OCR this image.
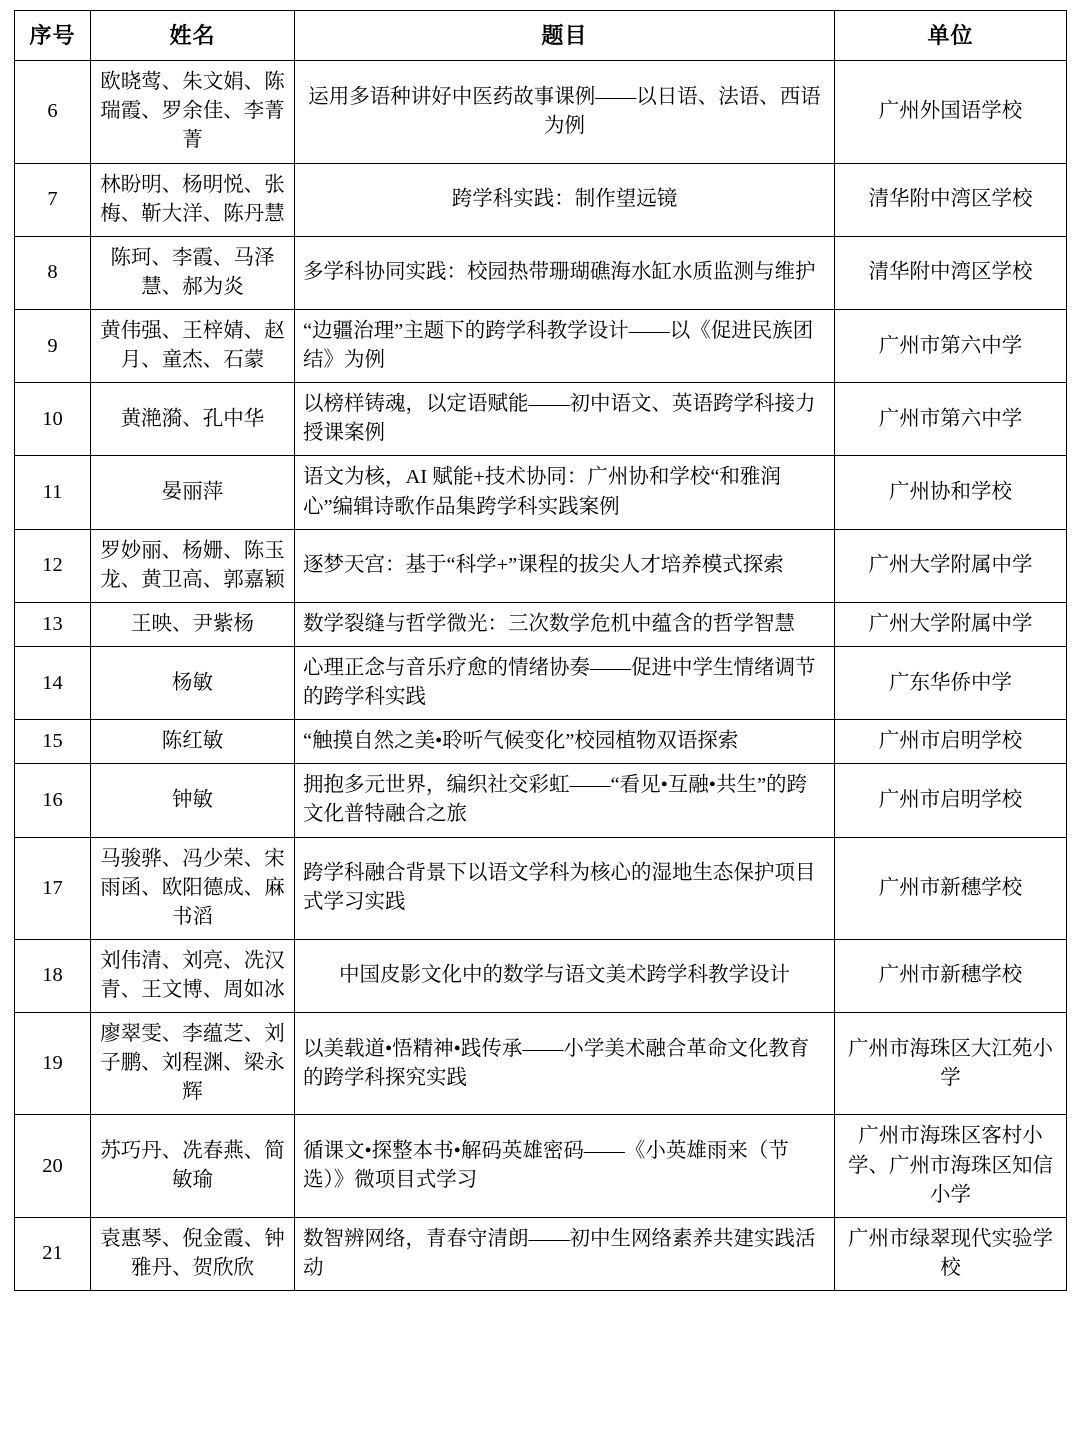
序号	姓名	题目	单位
6	欧晓莺、朱文娟、陈瑞霞、罗余佳、李菁菁	运用多语种讲好中医药故事课例——以日语、法语、西语为例	广州外国语学校
7	林盼明、杨明悦、张梅、靳大洋、陈丹慧	跨学科实践：制作望远镜	清华附中湾区学校
8	陈珂、李霞、马泽慧、郝为炎	多学科协同实践：校园热带珊瑚礁海水缸水质监测与维护	清华附中湾区学校
9	黄伟强、王梓婧、赵月、童杰、石蒙	“边疆治理”主题下的跨学科教学设计——以《促进民族团结》为例	广州市第六中学
10	黄滟漪、孔中华	以榜样铸魂，以定语赋能——初中语文、英语跨学科接力授课案例	广州市第六中学
11	晏丽萍	语文为核，AI 赋能+技术协同：广州协和学校“和雅润心”编辑诗歌作品集跨学科实践案例	广州协和学校
12	罗妙丽、杨姗、陈玉龙、黄卫高、郭嘉颖	逐梦天宫：基于“科学+”课程的拔尖人才培养模式探索	广州大学附属中学
13	王映、尹紫杨	数学裂缝与哲学微光：三次数学危机中蕴含的哲学智慧	广州大学附属中学
14	杨敏	心理正念与音乐疗愈的情绪协奏——促进中学生情绪调节的跨学科实践	广东华侨中学
15	陈红敏	“触摸自然之美•聆听气候变化”校园植物双语探索	广州市启明学校
16	钟敏	拥抱多元世界，编织社交彩虹——“看见•互融•共生”的跨文化普特融合之旅	广州市启明学校
17	马骏骅、冯少荣、宋雨函、欧阳德成、麻书滔	跨学科融合背景下以语文学科为核心的湿地生态保护项目式学习实践	广州市新穗学校
18	刘伟清、刘亮、冼汉青、王文博、周如冰	中国皮影文化中的数学与语文美术跨学科教学设计	广州市新穗学校
19	廖翠雯、李蕴芝、刘子鹏、刘程渊、梁永辉	以美载道•悟精神•践传承——小学美术融合革命文化教育的跨学科探究实践	广州市海珠区大江苑小学
20	苏巧丹、冼春燕、简敏瑜	循课文•探整本书•解码英雄密码——《小英雄雨来（节选）》微项目式学习	广州市海珠区客村小学、广州市海珠区知信小学
21	袁惠琴、倪金霞、钟雅丹、贺欣欣	数智辨网络，青春守清朗——初中生网络素养共建实践活动	广州市绿翠现代实验学校
